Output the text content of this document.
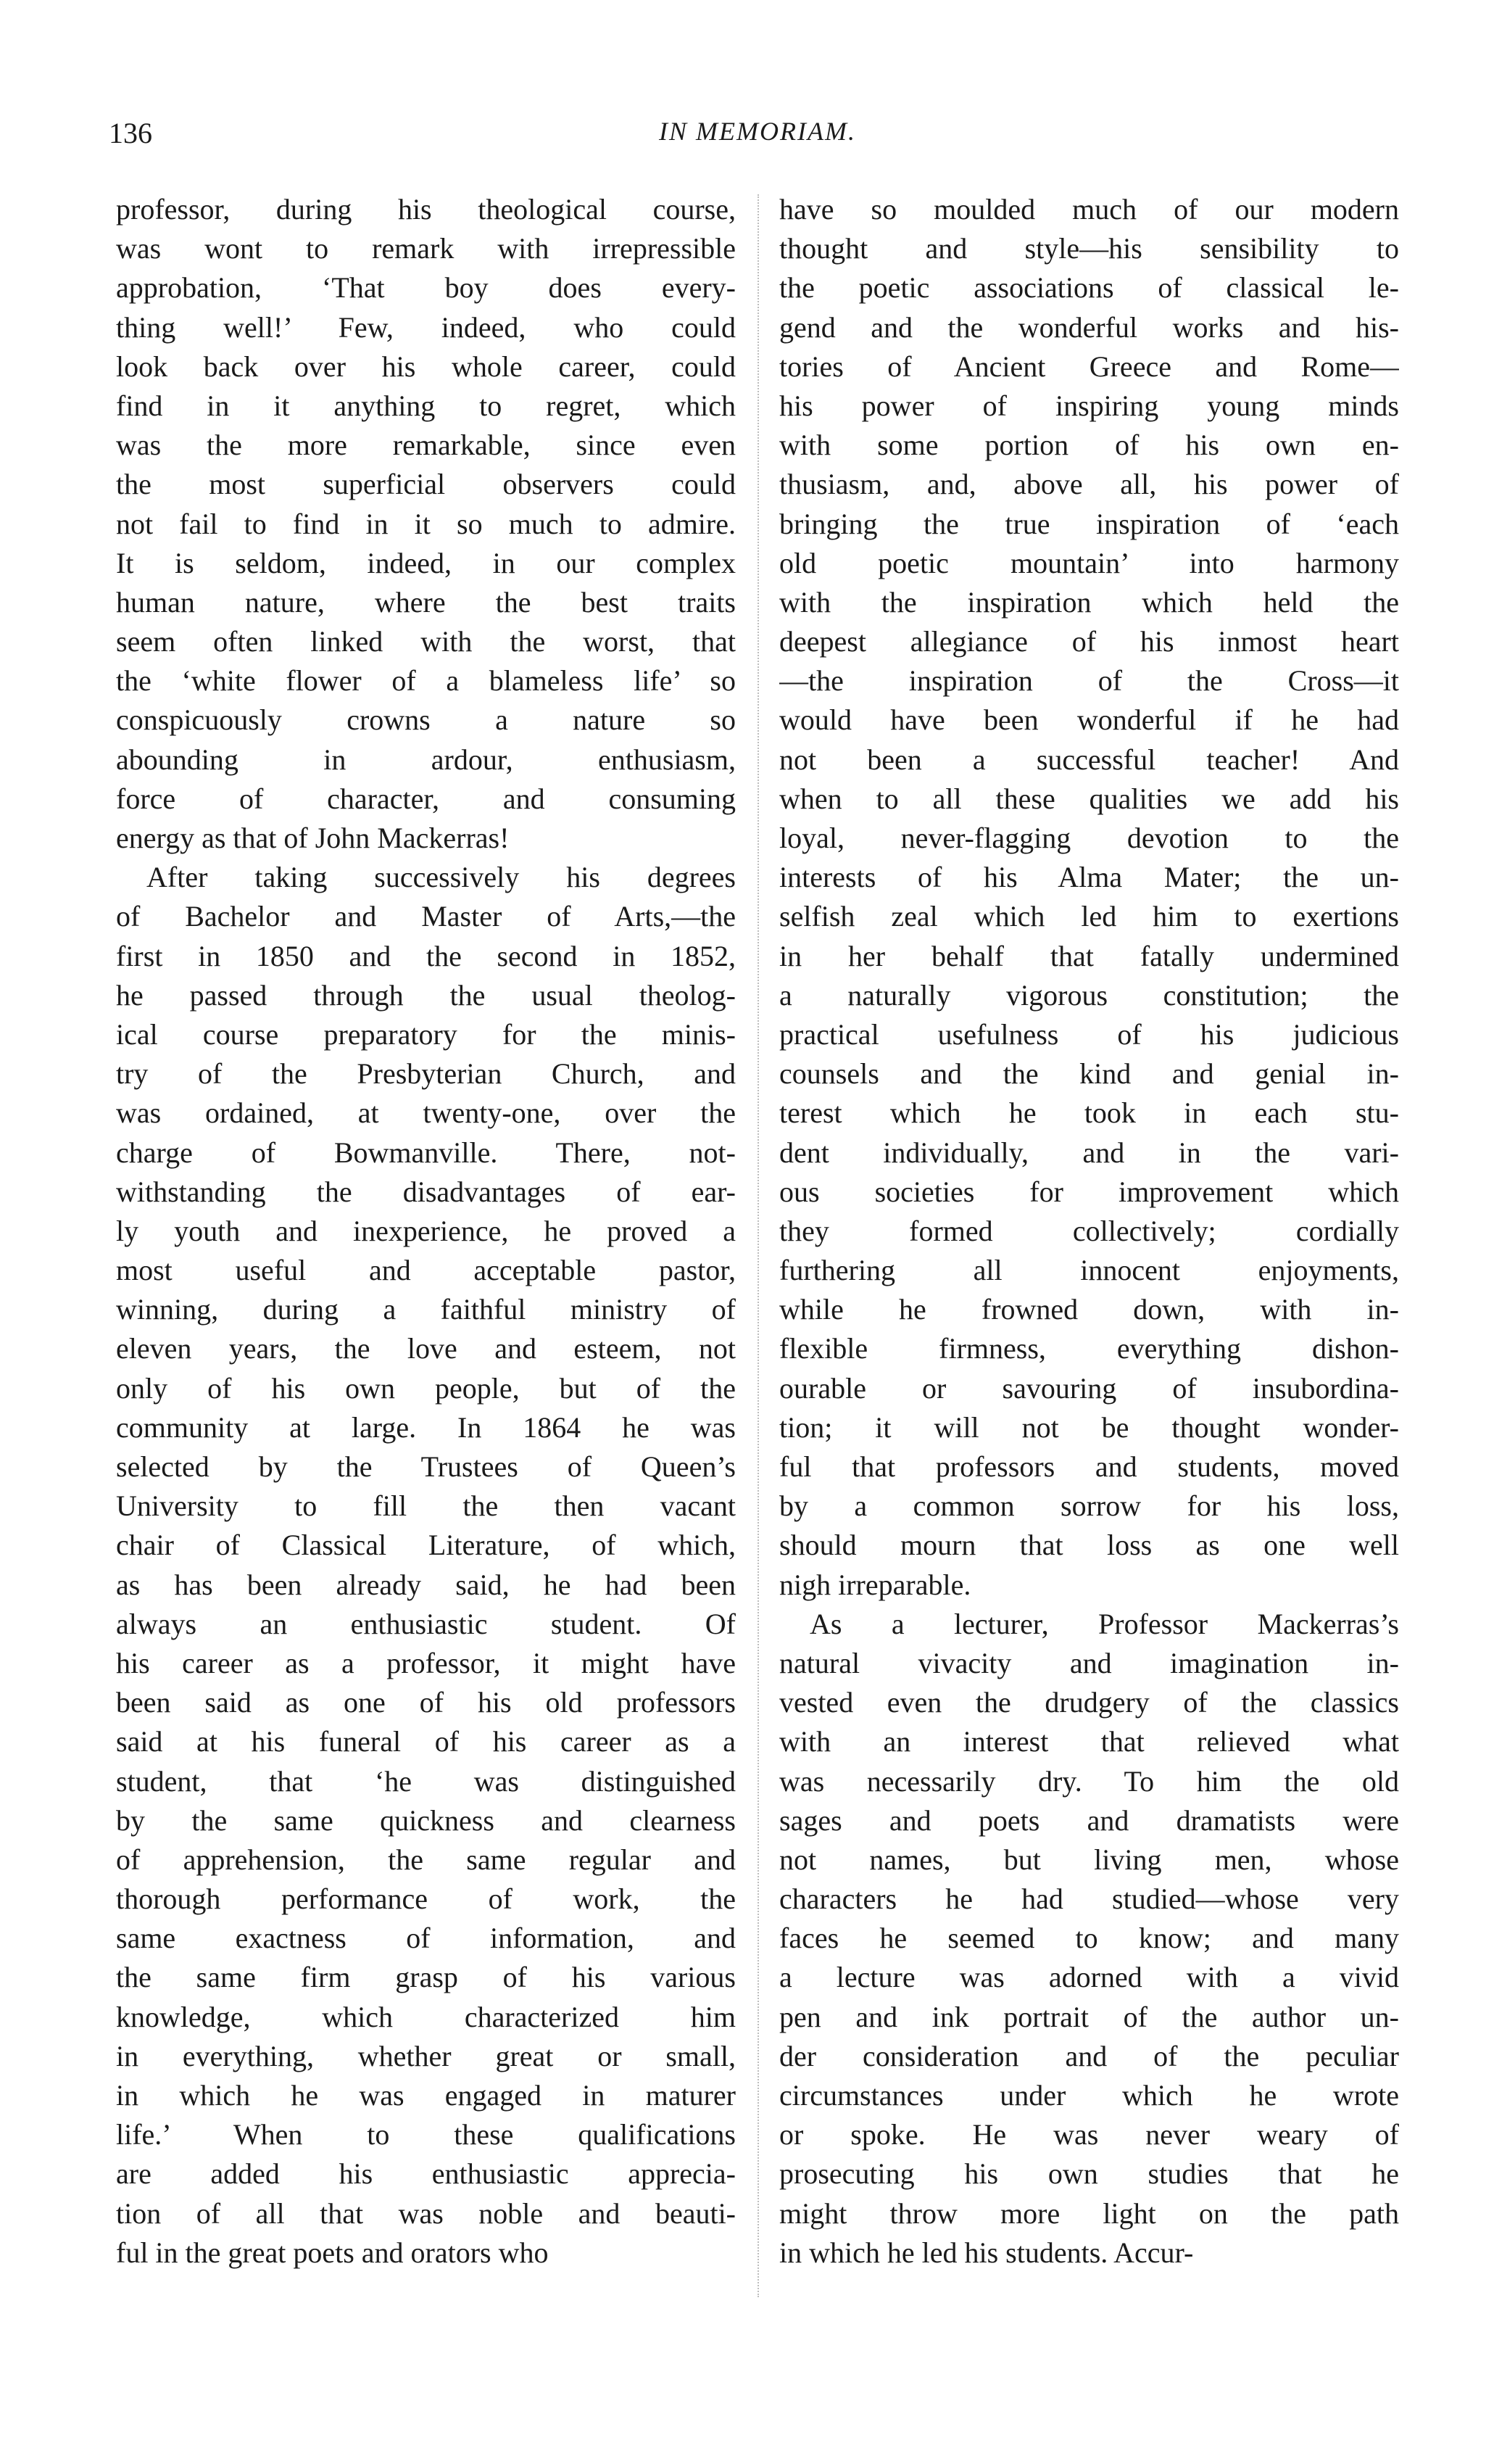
136	IN MEMORIAM.
professor, during his theological course,
was wont to remark with irrepressible
approbation, ‘That boy does every-
thing well!’ Few, indeed, who could
look back over his whole career, could
find in it anything to regret, which
was the more remarkable, since even
the most superficial observers could
not fail to find in it so much to admire.
It is seldom, indeed, in our complex
human nature, where the best traits
seem often linked with the worst, that
the ‘white flower of a blameless life’ so
conspicuously crowns a nature so
abounding in ardour, enthusiasm,
force of character, and consuming
energy as that of John Mackerras!
After taking successively his degrees
of Bachelor and Master of Arts,—the
first in 1850 and the second in 1852,
he passed through the usual theolog-
ical course preparatory for the minis-
try of the Presbyterian Church, and
was ordained, at twenty-one, over the
charge of Bowmanville. There, not-
withstanding the disadvantages of ear-
ly youth and inexperience, he proved a
most useful and acceptable pastor,
winning, during a faithful ministry of
eleven years, the love and esteem, not
only of his own people, but of the
community at large. In 1864 he was
selected by the Trustees of Queen’s
University to fill the then vacant
chair of Classical Literature, of which,
as has been already said, he had been
always an enthusiastic student. Of
his career as a professor, it might have
been said as one of his old professors
said at his funeral of his career as a
student, that ‘he was distinguished
by the same quickness and clearness
of apprehension, the same regular and
thorough performance of work, the
same exactness of information, and
the same firm grasp of his various
knowledge, which characterized him
in everything, whether great or small,
in which he was engaged in maturer
life.’ When to these qualifications
are added his enthusiastic apprecia-
tion of all that was noble and beauti-
ful in the great poets and orators who
have so moulded much of our modern
thought and style—his sensibility to
the poetic associations of classical le-
gend and the wonderful works and his-
tories of Ancient Greece and Rome—
his power of inspiring young minds
with some portion of his own en-
thusiasm, and, above all, his power of
bringing the true inspiration of ‘each
old poetic mountain’ into harmony
with the inspiration which held the
deepest allegiance of his inmost heart
—the inspiration of the Cross—it
would have been wonderful if he had
not been a successful teacher! And
when to all these qualities we add his
loyal, never-flagging devotion to the
interests of his Alma Mater; the un-
selfish zeal which led him to exertions
in her behalf that fatally undermined
a naturally vigorous constitution; the
practical usefulness of his judicious
counsels and the kind and genial in-
terest which he took in each stu-
dent individually, and in the vari-
ous societies for improvement which
they formed collectively; cordially
furthering all innocent enjoyments,
while he frowned down, with in-
flexible firmness, everything dishon-
ourable or savouring of insubordina-
tion; it will not be thought wonder-
ful that professors and students, moved
by a common sorrow for his loss,
should mourn that loss as one well
nigh irreparable.
As a lecturer, Professor Mackerras’s
natural vivacity and imagination in-
vested even the drudgery of the classics
with an interest that relieved what
was necessarily dry. To him the old
sages and poets and dramatists were
not names, but living men, whose
characters he had studied—whose very
faces he seemed to know; and many
a lecture was adorned with a vivid
pen and ink portrait of the author un-
der consideration and of the peculiar
circumstances under which he wrote
or spoke. He was never weary of
prosecuting his own studies that he
might throw more light on the path
in which he led his students. Accur-
